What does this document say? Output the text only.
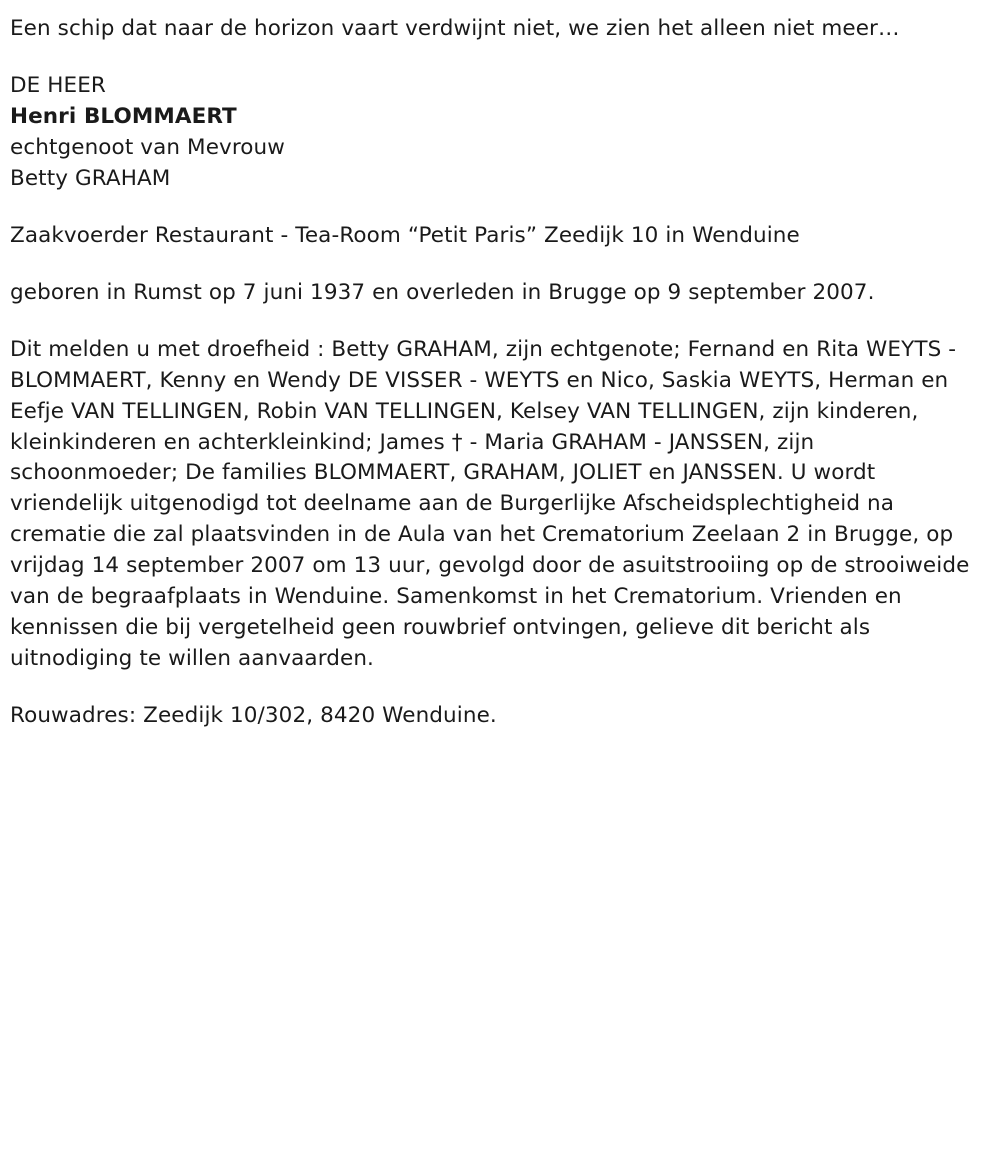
Een schip dat naar de horizon vaart verdwijnt niet, we zien het alleen niet meer…

DE HEER
Henri BLOMMAERT
echtgenoot van Mevrouw
Betty GRAHAM

Zaakvoerder Restaurant - Tea-Room “Petit Paris” Zeedijk 10 in Wenduine

geboren in Rumst op 7 juni 1937 en overleden in Brugge op 9 september 2007.

Dit melden u met droefheid : Betty GRAHAM, zijn echtgenote; Fernand en Rita WEYTS - BLOMMAERT, Kenny en Wendy DE VISSER - WEYTS en Nico, Saskia WEYTS, Herman en Eefje VAN TELLINGEN, Robin VAN TELLINGEN, Kelsey VAN TELLINGEN, zijn kinderen, kleinkinderen en achterkleinkind; James † - Maria GRAHAM - JANSSEN, zijn schoonmoeder; De families BLOMMAERT, GRAHAM, JOLIET en JANSSEN. U wordt vriendelijk uitgenodigd tot deelname aan de Burgerlijke Afscheidsplechtigheid na crematie die zal plaatsvinden in de Aula van het Crematorium Zeelaan 2 in Brugge, op vrijdag 14 september 2007 om 13 uur, gevolgd door de asuitstrooiing op de strooiweide van de begraafplaats in Wenduine. Samenkomst in het Crematorium. Vrienden en kennissen die bij vergetelheid geen rouwbrief ontvingen, gelieve dit bericht als uitnodiging te willen aanvaarden.

Rouwadres: Zeedijk 10/302, 8420 Wenduine.
